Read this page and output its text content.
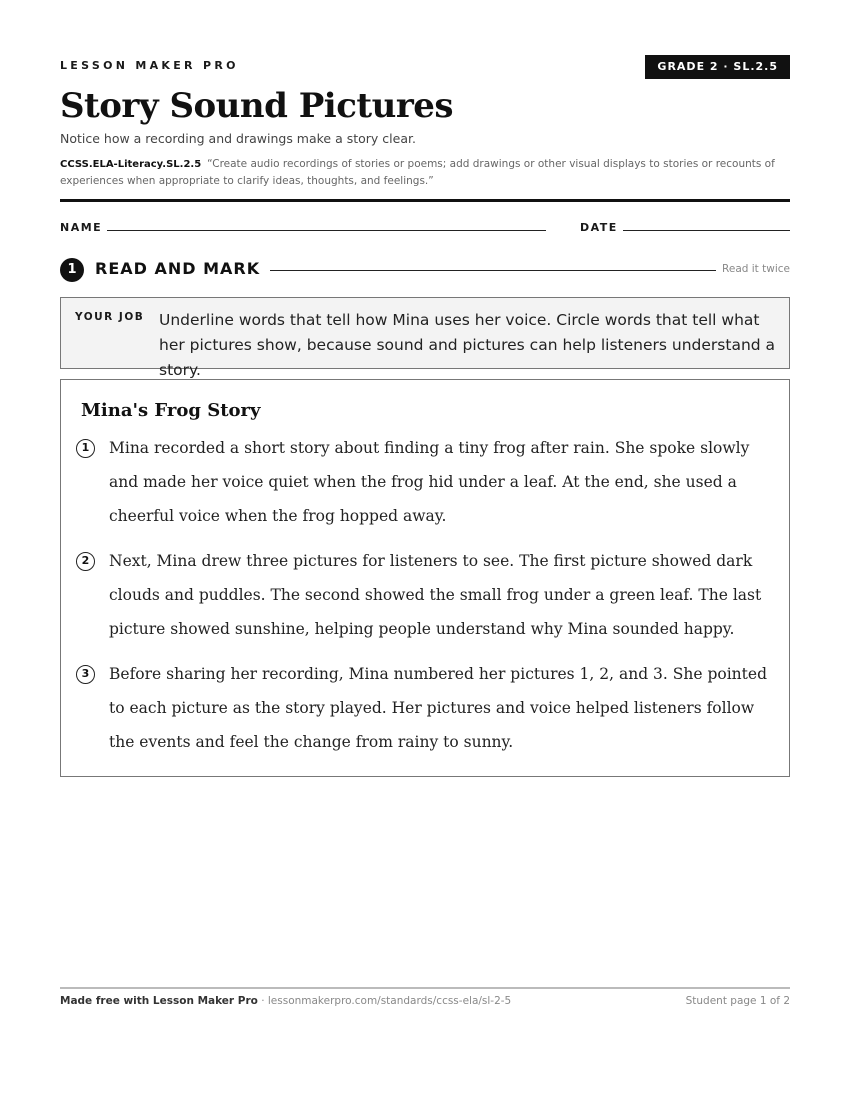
LESSON MAKER PRO	GRADE 2 · SL.2.5
Story Sound Pictures
Notice how a recording and drawings make a story clear.
CCSS.ELA-Literacy.SL.2.5 “Create audio recordings of stories or poems; add drawings or other visual displays to stories or recounts of experiences when appropriate to clarify ideas, thoughts, and feelings.”
NAME	DATE
1	READ AND MARK	Read it twice
YOUR JOB Underline words that tell how Mina uses her voice. Circle words that tell what her pictures show, because sound and pictures can help listeners understand a story.
Mina's Frog Story
1	Mina recorded a short story about finding a tiny frog after rain. She spoke slowly and made her voice quiet when the frog hid under a leaf. At the end, she used a cheerful voice when the frog hopped away.
2	Next, Mina drew three pictures for listeners to see. The first picture showed dark clouds and puddles. The second showed the small frog under a green leaf. The last picture showed sunshine, helping people understand why Mina sounded happy.
3	Before sharing her recording, Mina numbered her pictures 1, 2, and 3. She pointed to each picture as the story played. Her pictures and voice helped listeners follow the events and feel the change from rainy to sunny.
Made free with Lesson Maker Pro · lessonmakerpro.com/standards/ccss-ela/sl-2-5	Student page 1 of 2
